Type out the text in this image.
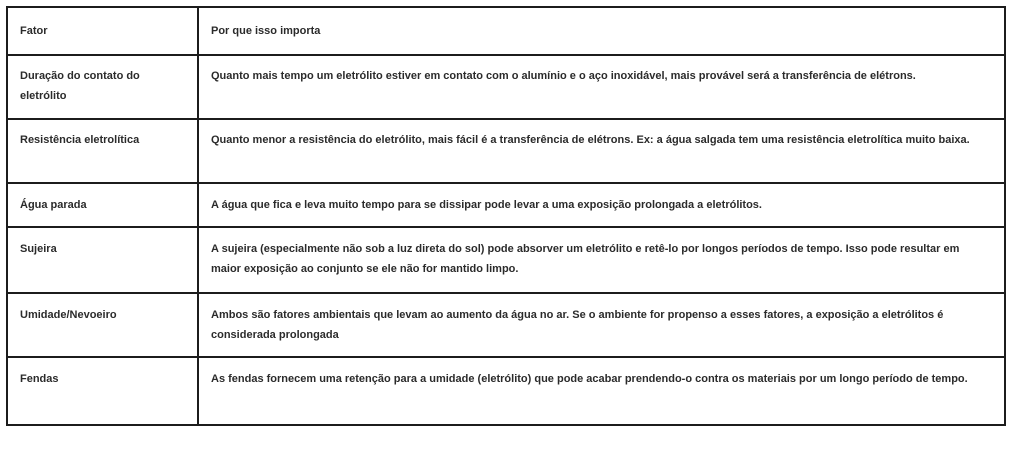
Fator	Por que isso importa
Duração do contato do eletrólito	Quanto mais tempo um eletrólito estiver em contato com o alumínio e o aço inoxidável, mais provável será a transferência de elétrons.
Resistência eletrolítica	Quanto menor a resistência do eletrólito, mais fácil é a transferência de elétrons. Ex: a água salgada tem uma resistência eletrolítica muito baixa.
Água parada	A água que fica e leva muito tempo para se dissipar pode levar a uma exposição prolongada a eletrólitos.
Sujeira	A sujeira (especialmente não sob a luz direta do sol) pode absorver um eletrólito e retê-lo por longos períodos de tempo. Isso pode resultar em maior exposição ao conjunto se ele não for mantido limpo.
Umidade/Nevoeiro	Ambos são fatores ambientais que levam ao aumento da água no ar. Se o ambiente for propenso a esses fatores, a exposição a eletrólitos é considerada prolongada
Fendas	As fendas fornecem uma retenção para a umidade (eletrólito) que pode acabar prendendo-o contra os materiais por um longo período de tempo.
